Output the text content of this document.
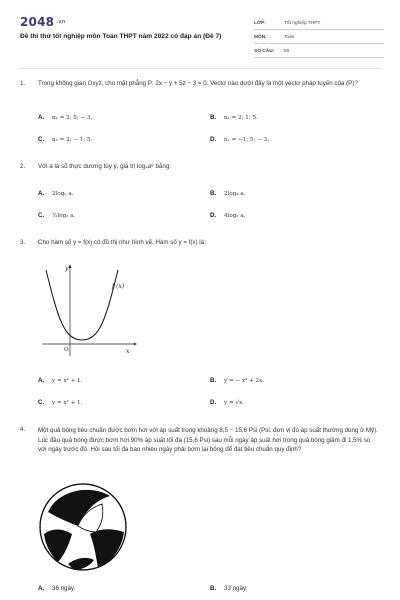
2048 .vn
Đề thi thử tốt nghiệp môn Toán THPT năm 2022 có đáp án (Đề 7)
LỚP:	Tốt nghiệp THPT
MÔN:	Toán
SỐ CÂU:	50
1.	Trong không gian Oxyz, cho mặt phẳng P: 2x − y + 5z − 3 = 0. Vectơ nào dưới đây là một vectơ pháp tuyến của (P)?
A. n₁ = 2; 5; − 3.	B. n₁ = 2; 1; 5.
C. n₁ = 2; − 1; 5.	D. n₁ = −1; 5; − 3.
2.	Với a là số thực dương tùy ý, giá trị log₄a⁸ bằng:
A. 2log₂ a.	B. 2log₄ a.
C. ½log₂ a.	D. 4log₂ a.
3.	Cho hàm số y = f(x) có đồ thị như hình vẽ. Hàm số y = f(x) là:
y
x
O
f (x)
A. y = x⁴ + 1.	B. y = − x⁴ + 2x.
C. y = x² + 1.	D. y = √x.
4.	Một quả bóng tiêu chuẩn được bơm hơi với áp suất trong khoảng 8,5 − 15,6 Psi (Psi: đơn vị đo áp suất thường dùng ở Mỹ). Lúc đầu quả bóng được bơm hơi 90% áp suất tối đa (15,6 Psi) sau mỗi ngày áp suất hơi trong quả bóng giảm đi 1,5% so với ngày trước đó. Hỏi sau tối đa bao nhiêu ngày phải bơm lại bóng để đạt tiêu chuẩn quy định?
A. 36 ngày.	B. 33 ngày.
